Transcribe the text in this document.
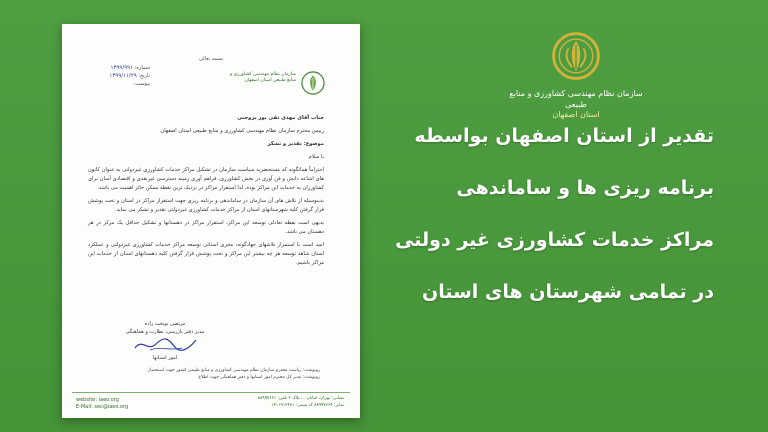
بسمه تعالی
سازمان نظام مهندسی کشاورزی و منابع طبیعی استان اصفهان
شماره: ۱۳۹۹/۹۹۱
تاریخ: ۱۳۹۹/۱۱/۲۹
پیوست:

جناب آقای مهدی تقی پور بروجنی

رییس محترم سازمان نظام مهندسی کشاورزی و منابع طبیعی استان اصفهان

موضوع: تقدیر و تشکر

با سلام

احتراماً همانگونه که مستحضرید سیاست سازمان در تشکیل مراکز خدمات کشاورزی غیردولتی به عنوان کانون های اشاعه دانش و فن آوری در بخش کشاورزی، فراهم آوری زمینه دسترسی غیرنقدی و اقتصادی آسان برای کشاورزان به خدمات این مراکز بوده، لذا استقرار مراکز در نزدیک ترین نقطه ممکن حائز اهمیت می باشد.

بدینوسیله از تلاش های آن سازمان در ساماندهی و برنامه ریزی جهت استقرار مراکز در استان و تحت پوشش قرار گرفتن کلیه شهرستانهای استان از مراکز خدمات کشاورزی غیردولتی تقدیر و تشکر می نماید.

بدیهی است نقطه تعادلی توسعه این مراکز، استقرار مراکز در دهستانها و تشکیل حداقل یک مرکز در هر دهستان می باشد.

امید است با استمرار تلاشهای جهادگونه، مجری استانی توسعه مراکز خدمات کشاورزی غیردولتی و عملکرد استان شاهد توسعه هر چه بیشتر این مراکز و تحت پوشش قرار گرفتن کلیه دهستانهای استان از خدمات این مراکز باشیم.

مرتضی نوبخت زاده
مدیر دفتر بازرسی، نظارت و هماهنگی
امور استانها
رونوشت: ریاست محترم سازمان نظام مهندسی کشاورزی و منابع طبیعی کشور جهت استحضار
رونوشت: مدیر کل محترم امور استانها و دفتر هماهنگی جهت اطلاع
نشانی: تهران، خیابان ... پلاک ۲ تلفن: ۸۸۹۹۷۶۶۱
نمابر: ۸۸۹۹۷۶۶۴ کد پستی: ۱۴۱۱۹۱۳۴۸۱
website: iaeo.org
E-Mail: sec@iaeo.org
سازمان نظام مهندسی کشاورزی و منابع طبیعی
استان اصفهان
تقدیر از استان اصفهان بواسطه
برنامه ریزی ها و ساماندهی
مراکز خدمات کشاورزی غیر دولتی
در تمامی شهرستان های استان
